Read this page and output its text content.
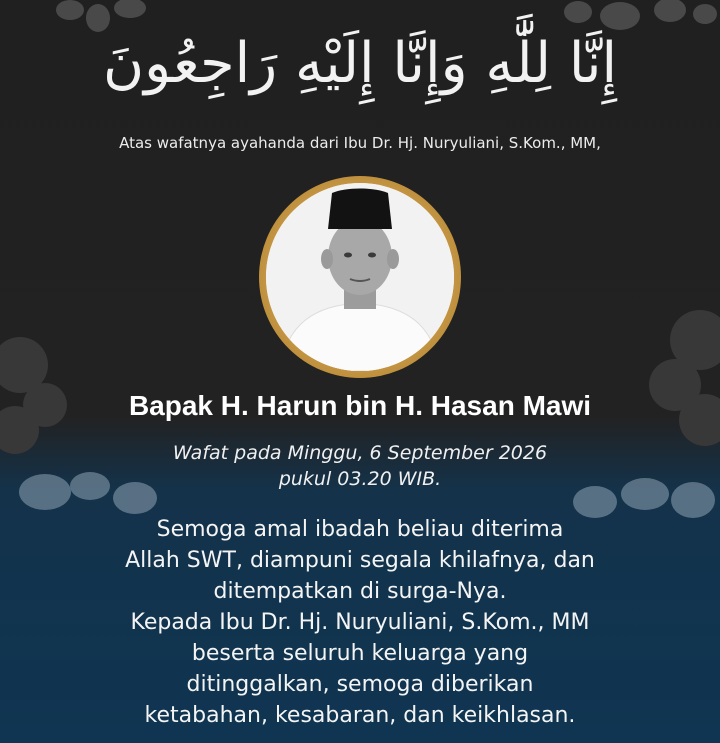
إِنَّا لِلَّٰهِ وَإِنَّا إِلَيْهِ رَاجِعُونَ
Atas wafatnya ayahanda dari Ibu Dr. Hj. Nuryuliani, S.Kom., MM,
Bapak H. Harun bin H. Hasan Mawi
Wafat pada Minggu, 6 September 2026
pukul 03.20 WIB.
Semoga amal ibadah beliau diterima
Allah SWT, diampuni segala khilafnya, dan
ditempatkan di surga-Nya.
Kepada Ibu Dr. Hj. Nuryuliani, S.Kom., MM
beserta seluruh keluarga yang
ditinggalkan, semoga diberikan
ketabahan, kesabaran, dan keikhlasan.
